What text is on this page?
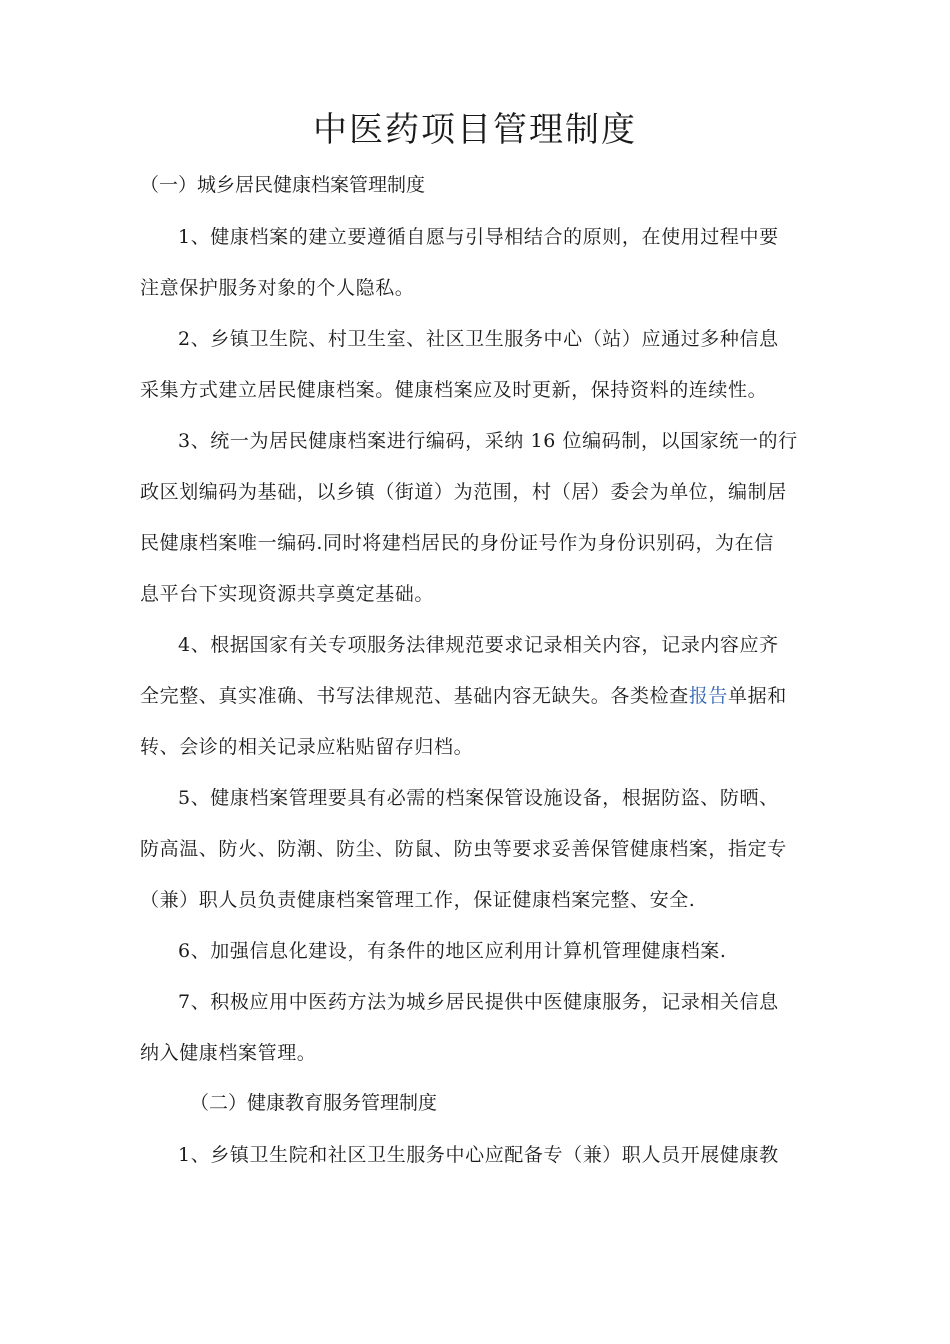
中医药项目管理制度
（一）城乡居民健康档案管理制度
1、健康档案的建立要遵循自愿与引导相结合的原则，在使用过程中要
注意保护服务对象的个人隐私。
2、乡镇卫生院、村卫生室、社区卫生服务中心（站）应通过多种信息
采集方式建立居民健康档案。健康档案应及时更新，保持资料的连续性。
3、统一为居民健康档案进行编码，采纳 16 位编码制，以国家统一的行
政区划编码为基础，以乡镇（街道）为范围，村（居）委会为单位，编制居
民健康档案唯一编码.同时将建档居民的身份证号作为身份识别码，为在信
息平台下实现资源共享奠定基础。
4、根据国家有关专项服务法律规范要求记录相关内容，记录内容应齐
全完整、真实准确、书写法律规范、基础内容无缺失。各类检查报告单据和
转、会诊的相关记录应粘贴留存归档。
5、健康档案管理要具有必需的档案保管设施设备，根据防盗、防晒、
防高温、防火、防潮、防尘、防鼠、防虫等要求妥善保管健康档案，指定专
（兼）职人员负责健康档案管理工作，保证健康档案完整、安全.
6、加强信息化建设，有条件的地区应利用计算机管理健康档案.
7、积极应用中医药方法为城乡居民提供中医健康服务，记录相关信息
纳入健康档案管理。
（二）健康教育服务管理制度
1、乡镇卫生院和社区卫生服务中心应配备专（兼）职人员开展健康教
